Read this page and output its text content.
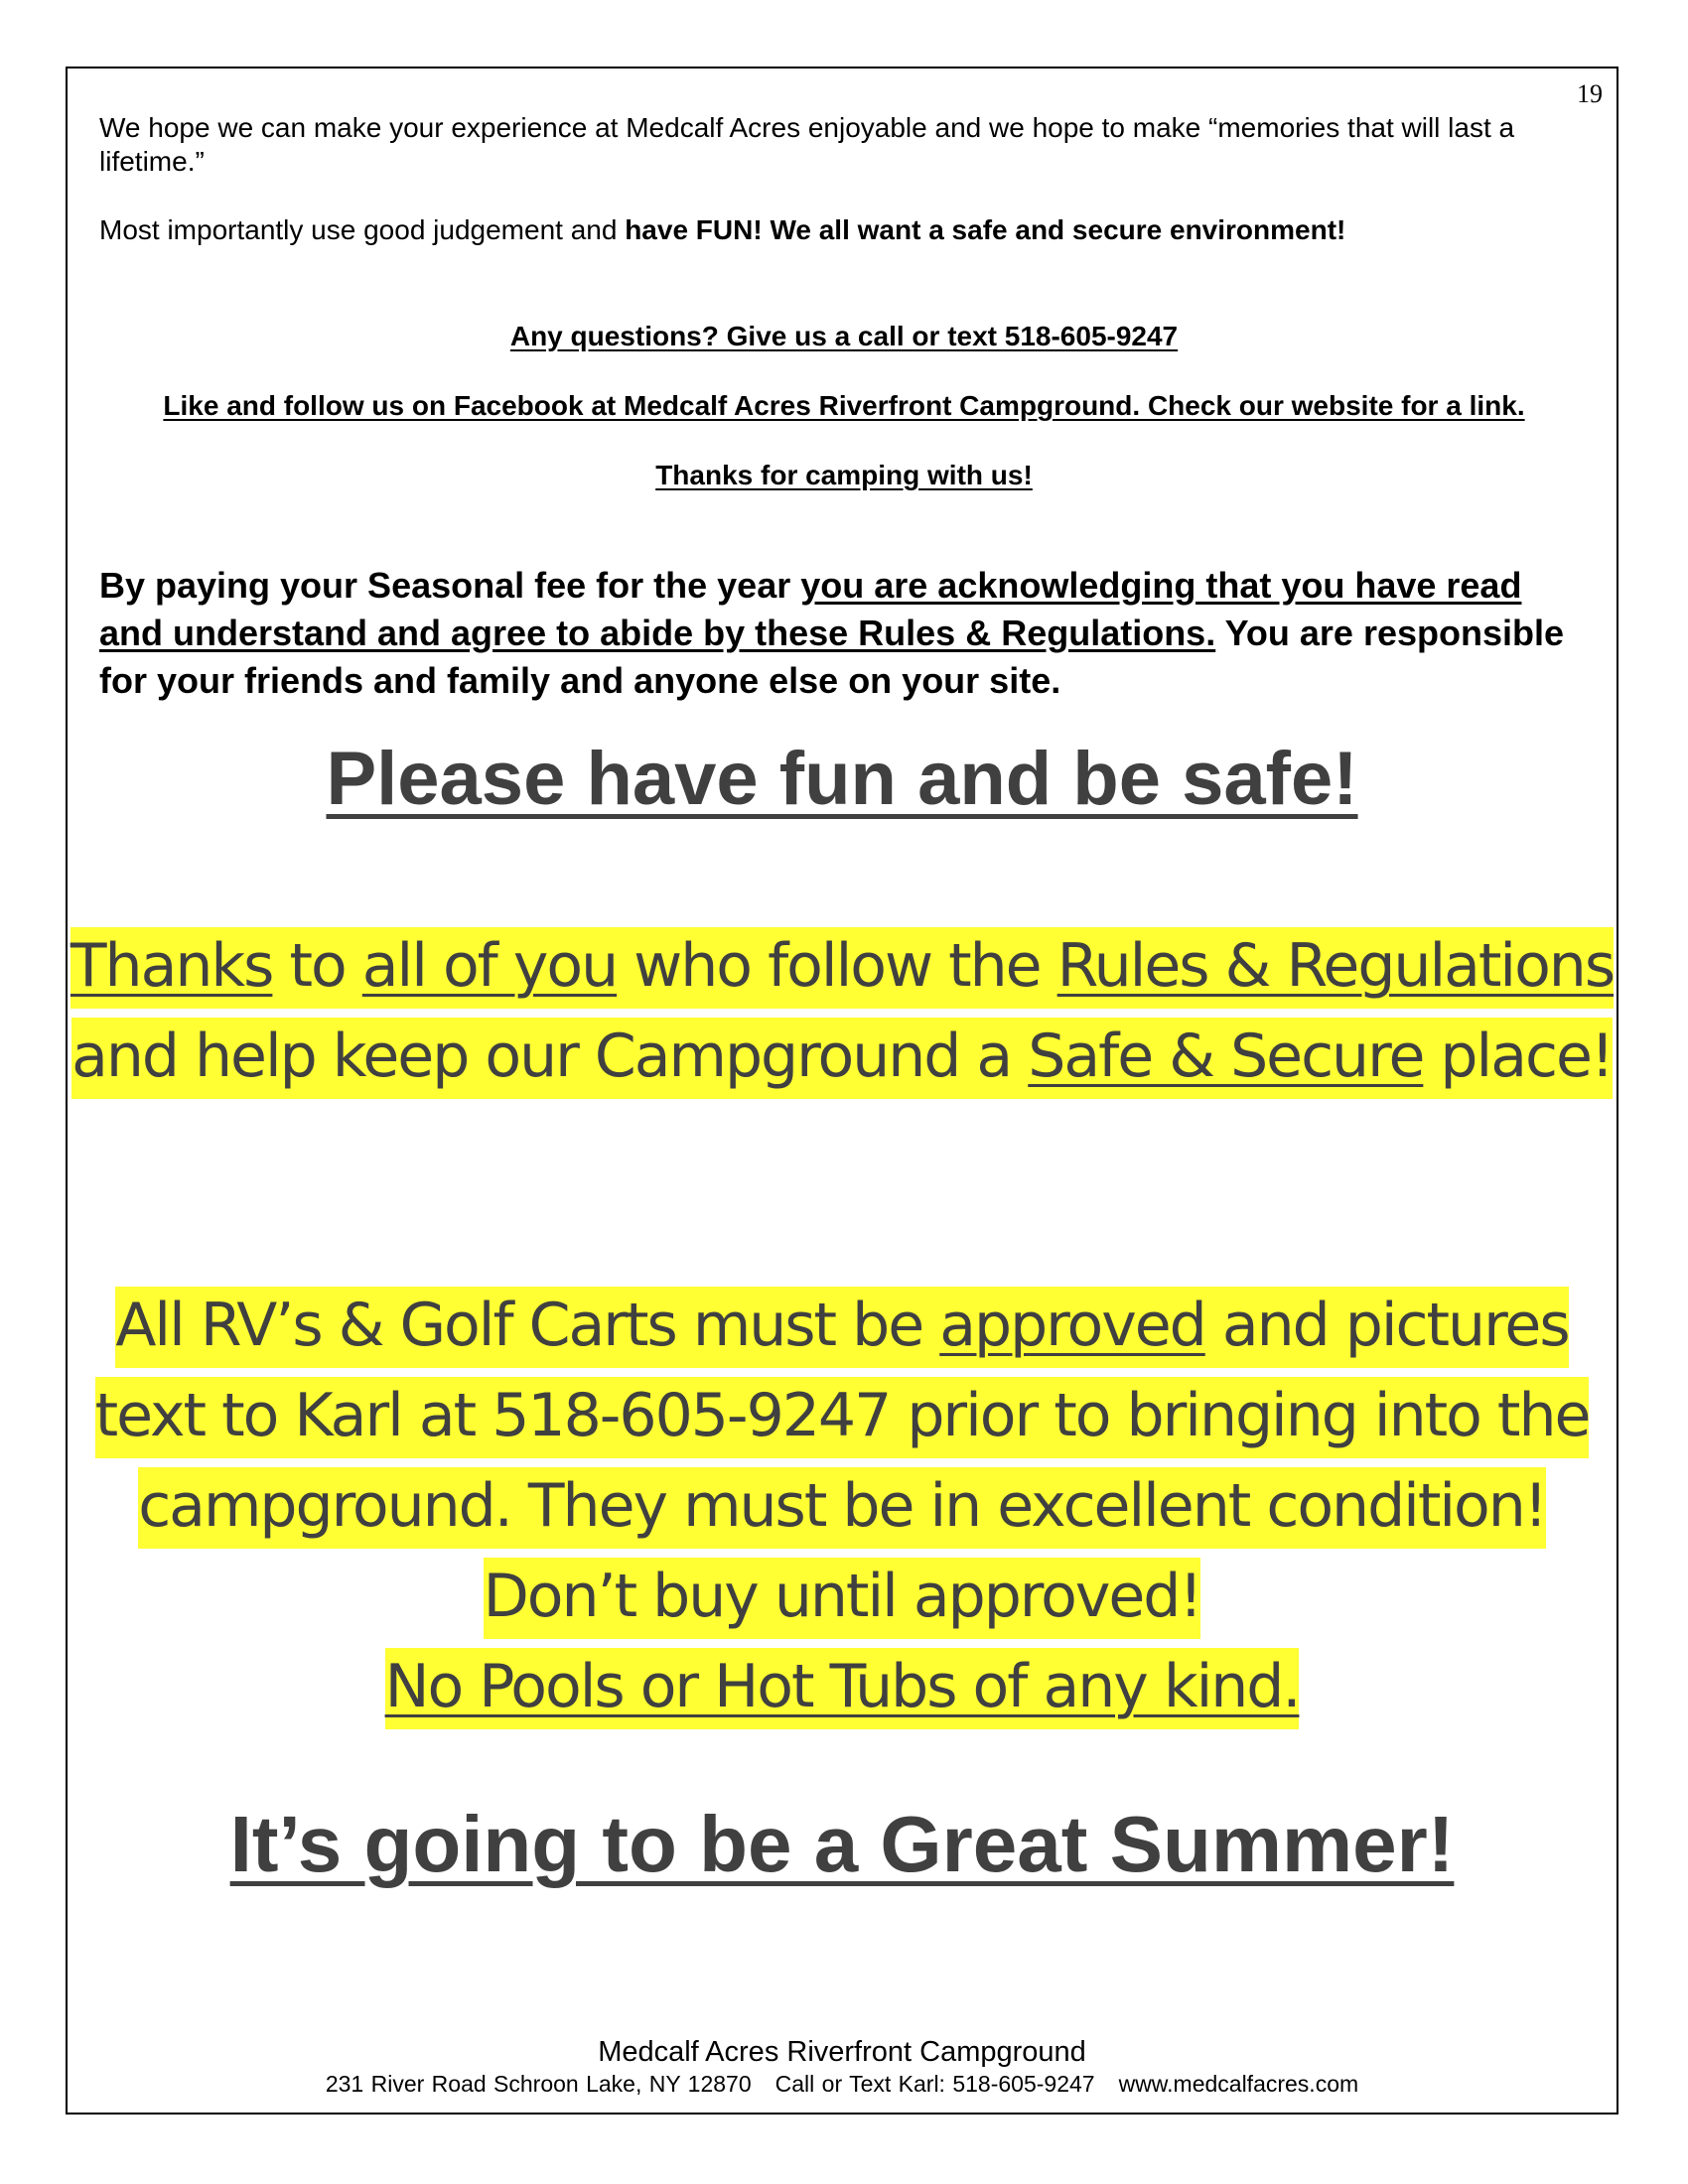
19
We hope we can make your experience at Medcalf Acres enjoyable and we hope to make “memories that will last a lifetime.”
Most importantly use good judgement and have FUN! We all want a safe and secure environment!
Any questions? Give us a call or text 518-605-9247
Like and follow us on Facebook at Medcalf Acres Riverfront Campground. Check our website for a link.
Thanks for camping with us!
By paying your Seasonal fee for the year you are acknowledging that you have read and understand and agree to abide by these Rules & Regulations. You are responsible for your friends and family and anyone else on your site.
Please have fun and be safe!
Thanks to all of you who follow the Rules & Regulations and help keep our Campground a Safe & Secure place!
All RV’s & Golf Carts must be approved and pictures text to Karl at 518-605-9247 prior to bringing into the campground. They must be in excellent condition! Don’t buy until approved!
No Pools or Hot Tubs of any kind.
It’s going to be a Great Summer!
Medcalf Acres Riverfront Campground
231 River Road Schroon Lake, NY 12870 Call or Text Karl: 518-605-9247 www.medcalfacres.com
